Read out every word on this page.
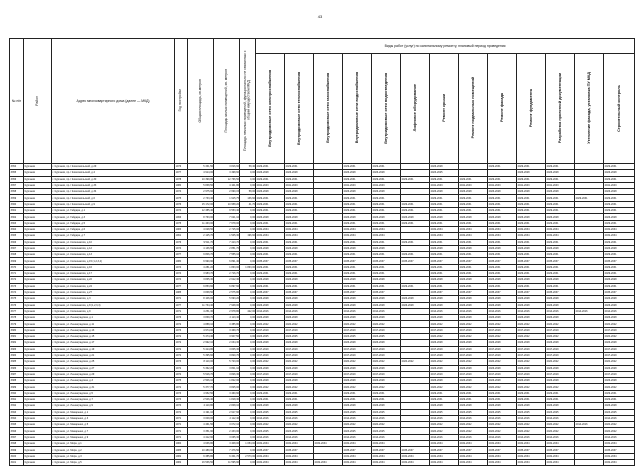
43
№ п/п	Район	Адрес многоквартирного дома (далее — МКД)	Год постройки	Общая площадь, кв.метров	Площадь жилых помещений, кв. метров	Площадь нежилых помещений, функционально не связанных с общим имуществом МКД	Виды работ (услуг) по капитальному ремонту, плановый период проведения												
							Внутридомовые сети электроснабжения	Внутридомовые сети теплоснабжения	Внутридомовые сети газоснабжения	Внутридомовые сети водоснабжения	Внутридомовые сети водоотведения	Лифтовое оборудование	Ремонт крыши	Ремонт подвальных помещений	Ремонт фасада	Ремонт фундамента	Разработка проектной документации	Утепление фасада, установка ПУ МКД	Строительный контроль
3354	Курганов	г. Курганов, пр-т Комсомольский, д.29	1976	5 331,50	3 816,60	58,40	2029-2031	2029-2031		2029-2031	2029-2031		2026-2028		2029-2031	2029-2031	2029-2031		2029-2031
3355	Курганов	г. Курганов, пр-т Комсомольский, д.4	1977	4 914,00	3 498,60	0,00	2026-2028	2026-2028		2026-2028	2026-2028		2023-2025			2026-2028	2026-2028		2026-2028
3356	Курганов	г. Курганов, пр-т Комсомольский, д.30	1978	10 399,80	12 766,50	0,00	2029-2031	2029-2031		2029-2031	2029-2031	2029-2031	2029-2031	2029-2031	2029-2031	2029-2031	2029-2031		2029-2031
3357	Курганов	г. Курганов, пр-т Комсомольский, д.33	1980	5 838,50	4 101,80	0,00	2041-2043	2041-2043		2041-2043	2041-2043		2041-2043	2041-2043	2041-2043	2041-2043	2041-2043		2041-2043
3358	Курганов	г. Курганов, пр-т Комсомольский, д.34	1974	2 975,60	2 690,15	58,00	2026-2028	2026-2028		2026-2028	2026-2028		2026-2028	2026-2028	2026-2028	2026-2028	2026-2028		2026-2028
3359	Курганов	г. Курганов, пр-т Комсомольский, д.6	1975	2 733,40	1 915,75	136,60	2029-2031	2029-2031		2029-2031	2029-2031		2029-2031	2029-2031	2029-2031	2029-2031	2029-2031	2029-2031	2029-2031
3360	Курганов	г. Курганов, пр-т Комсомольский, д.9	1976	15 172,00	10 958,20	41,70	2029-2031	2029-2031		2029-2031	2029-2031	2029-2031	2029-2031	2029-2031	2029-2031	2029-2031	2029-2031		2029-2031
3361	Курганов	г. Курганов, ул. Гайдара, д.1	1974	12 385,40	9 553,40	0,00	2029-2031	2029-2031		2029-2031	2029-2031	2029-2031	2029-2031	2029-2031	2029-2031	2029-2031	2029-2031		2029-2031
3362	Курганов	г. Курганов, ул. Гайдара, д.3	1966	8 763,00	7 021,10	0,00	2026-2028	2026-2028		2026-2028	2026-2028	2026-2028	2026-2028	2026-2028	2026-2028	2026-2028	2026-2028		2026-2028
3363	Курганов	г. Курганов, ул. Гайдара, д.5	1975	11 463,00	7 678,00	0,00	2029-2031	2029-2031		2029-2031	2029-2031	2029-2031	2029-2031	2029-2031	2029-2031	2029-2031	2029-2031		2029-2031
3364	Курганов	г. Курганов, ул. Гайдара, д.6	1983	4 028,50	2 715,00	0,00	2032-2034	2032-2034		2032-2034	2032-2034		2032-2034	2032-2034	2032-2034	2032-2034	2032-2034		2032-2034
3365	Курганов	г. Курганов, ул. Гайдара, д.7	1961	2 125,70	1 545,30	196,60	2032-2034	2032-2034		2032-2034	2032-2034		2032-2034	2032-2034	2032-2034	2032-2034	2032-2034		2032-2034
3366	Курганов	г. Курганов, ул. Космонавтов, д.10	1976	9 511,70	7 413,70	0,00	2029-2031	2029-2031		2029-2031	2029-2031	2029-2031	2029-2031	2029-2031	2029-2031	2029-2031	2029-2031		2029-2031
3367	Курганов	г. Курганов, ул. Космонавтов, д.12	1974	4 136,50	2 851,70	0,00	2026-2028	2026-2028		2026-2028	2026-2028		2026-2028	2026-2028	2026-2028	2026-2028	2026-2028		2026-2028
3368	Курганов	г. Курганов, ул. Космонавтов, д.13	1977	9 806,70	7 555,10	0,00	2029-2031	2029-2031		2029-2031	2029-2031	2029-2031	2029-2031	2029-2031	2029-2031	2029-2031	2029-2031		2029-2031
3369	Курганов	г. Курганов, ул. Космонавтов, д.15 (1,2,3,4)	1980	9 990,90	6 891,40	0,00	2035-2037	2035-2037		2035-2037	2035-2037	2035-2037	2035-2037	2035-2037	2035-2037	2035-2037	2035-2037		2035-2037
3370	Курганов	г. Курганов, ул. Космонавтов, д.16	1974	4 281,20	1 863,00	1 863,00	2029-2031	2029-2031		2029-2031	2029-2031		2029-2031	2029-2031	2029-2031	2029-2031	2029-2031		2029-2031
3371	Курганов	г. Курганов, ул. Космонавтов, д.17	1974	3 983,70	2 716,70	0,00	2029-2031	2029-2031		2029-2031	2029-2031		2029-2031	2029-2031	2029-2031	2029-2031	2029-2031		2029-2031
3372	Курганов	г. Курганов, ул. Космонавтов, д.22	1974	3 835,30	2 612,30	0,00	2026-2028	2026-2028		2026-2028	2026-2028		2026-2028	2026-2028	2026-2028	2026-2028	2026-2028		2026-2028
3373	Курганов	г. Курганов, ул. Космонавтов, д.24	1977	9 853,60	6 897,60	0,00	2029-2031	2029-2031		2029-2031	2029-2031	2029-2031	2029-2031	2029-2031	2029-2031	2029-2031	2029-2031		2029-2031
3374	Курганов	г. Курганов, ул. Космонавтов, д.27	1985	3 838,50	2 575,80	0,00	2035-2037	2035-2037		2035-2037	2035-2037		2035-2037	2035-2037	2035-2037	2035-2037	2035-2037		2035-2037
3375	Курганов	г. Курганов, ул. Космонавтов, д.3	1971	8 106,00	5 693,20	0,00	2026-2028	2026-2028		2026-2028	2026-2028	2026-2028	2026-2028	2026-2028	2026-2028	2026-2028	2026-2028		2026-2028
3376	Курганов	г. Курганов, ул. Космонавтов, д.8 (1,2,3,4)	1977	11 734,40	7 948,00	0,00	2026-2028	2026-2028		2026-2028	2026-2028	2026-2028	2026-2028	2026-2028	2026-2028	2026-2028	2026-2028		2026-2028
3377	Курганов	г. Курганов, ул. Космонавтов, д.9	1971	4 251,30	2 978,80	422,00	2014-2016	2014-2016		2014-2016	2014-2016		2014-2016	2014-2016	2014-2016	2014-2016	2014-2016	2014-2016	2014-2016
3378	Курганов	г. Курганов, ул. Ленинградская, д.1	1976	3 839,70	2 113,40	0,00	2026-2028	2026-2028		2026-2028	2026-2028		2026-2028	2026-2028	2026-2028	2026-2028	2026-2028		2026-2028
3379	Курганов	г. Курганов, ул. Ленинградская, д.11	1972	4 888,10	3 385,80	0,00	2020-2022	2020-2022		2020-2022	2020-2022		2020-2022	2020-2022	2020-2022	2020-2022	2020-2022		2020-2022
3380	Курганов	г. Курганов, ул. Ленинградская, д.13	1973	4 974,00	3 469,70	0,00	2017-2019	2017-2019		2017-2019	2017-2019		2017-2019	2017-2019	2017-2019	2017-2019	2017-2019		2017-2019
3381	Курганов	г. Курганов, ул. Ленинградская, д.15	1972	5 474,40	3 907,50	0,00	2023-2025	2023-2025		2023-2025	2023-2025		2020-2022	2020-2022	2020-2022	2020-2022	2020-2022		2020-2022
3382	Курганов	г. Курганов, ул. Ленинградская, д.17	1972	2 992,10	2 034,30	0,00	2026-2028	2026-2028		2026-2028	2026-2028		2026-2028	2026-2028	2026-2028	2026-2028	2026-2028		2026-2028
3383	Курганов	г. Курганов, ул. Ленинградская, д.19	1972	5 414,80	3 845,30	0,00	2017-2019	2017-2019		2017-2019	2017-2019		2017-2019	2017-2019	2017-2019	2017-2019	2017-2019		2017-2019
3384	Курганов	г. Курганов, ул. Ленинградская, д.21	1972	5 395,60	3 820,70	0,00	2017-2019	2017-2019		2017-2019	2017-2019		2017-2019	2017-2019	2017-2019	2017-2019	2017-2019		2017-2019
3385	Курганов	г. Курганов, ул. Ленинградская, д.25	1973	8 110,00	5 723,00	0,00	2020-2022	2020-2022		2020-2022	2020-2022	2020-2022	2020-2022	2020-2022	2020-2022	2020-2022	2020-2022		2020-2022
3386	Курганов	г. Курганов, ул. Ленинградская, д.27	1972	5 362,20	3 801,10	0,00	2026-2028	2026-2028		2026-2028	2026-2028		2026-2028	2026-2028	2026-2028	2026-2028	2026-2028		2026-2028
3387	Курганов	г. Курганов, ул. Ленинградская, д.29	1972	5 516,70	3 826,30	0,00	2017-2019	2017-2019		2017-2019	2017-2019		2017-2019	2017-2019	2017-2019	2017-2019	2017-2019		2017-2019
3388	Курганов	г. Курганов, ул. Ленинградская, д.3	1975	2 506,10	1 822,00	0,00	2026-2028	2026-2028		2026-2028	2026-2028		2026-2028	2026-2028	2026-2028	2026-2028	2026-2028		2026-2028
3389	Курганов	г. Курганов, ул. Ленинградская, д.31	1972	5 377,70	3 825,00	0,00	2020-2022	2020-2022		2020-2022	2020-2022		2020-2022	2020-2022	2020-2022	2020-2022	2020-2022		2020-2022
3390	Курганов	г. Курганов, ул. Ленинградская, д.5	1973	4 952,50	3 460,60	0,00	2029-2031	2029-2031		2029-2031	2029-2031		2029-2031	2029-2031	2029-2031	2029-2031	2029-2031		2029-2031
3391	Курганов	г. Курганов, ул. Ленинградская, д.7	1973	2 546,40	1 818,30	0,00	2029-2031	2029-2031		2029-2031	2029-2031		2029-2031	2029-2031	2029-2031	2029-2031	2029-2031		2029-2031
3392	Курганов	г. Курганов, ул. Ленинградская, д.9	1974	4 110,80	2 848,10	0,00	2026-2028	2026-2028		2026-2028	2026-2028		2026-2028	2026-2028	2026-2028	2026-2028	2026-2028		2026-2028
3393	Курганов	г. Курганов, ул. Макаренко, д.1	1972	4 191,10	2 917,60	0,00	2023-2025	2023-2025		2023-2025	2023-2025		2023-2025	2023-2025	2023-2025	2023-2025	2023-2025		2023-2025
3394	Курганов	г. Курганов, ул. Макаренко, д.3	1971	3 009,00	2 112,40	0,00	2014-2016	2014-2016		2014-2016	2014-2016		2014-2016	2014-2016	2014-2016	2014-2016	2014-2016		2014-2016
3395	Курганов	г. Курганов, ул. Макаренко, д.5	1971	4 461,50	3 072,10	0,00	2020-2022	2020-2022		2020-2022	2020-2022		2020-2022	2020-2022	2020-2022	2020-2022	2020-2022	2014-2016	2020-2022
3396	Курганов	г. Курганов, ул. Макаренко, д.7	1971	3 351,90	2 433,00	0,00	2023-2025	2023-2025		2023-2025	2023-2025		2020-2022	2020-2022	2020-2022	2020-2022	2020-2022		2020-2022
3397	Курганов	г. Курганов, ул. Макаренко, д.9	1971	4 412,90	3 065,30	0,00	2014-2016	2014-2016		2014-2016	2014-2016		2014-2016	2014-2016	2014-2016	2014-2016	2014-2016		2014-2016
3398	Курганов	г. Курганов, ул. Мира, д.1	1984	4 636,80	3 408,00	1 054,00	2032-2034	2032-2034	2032-2034	2032-2034	2032-2034		2032-2034	2032-2034	2032-2034	2032-2034	2032-2034		2032-2034
3399	Курганов	г. Курганов, ул. Мира, д.2	1985	10 489,00	7 476,50	0,00	2035-2037	2035-2037		2035-2037	2035-2037	2035-2037	2035-2037	2035-2037	2035-2037	2035-2037	2035-2037		2035-2037
3400	Курганов	г. Курганов, ул. Мира, д.3	1982	9 385,80	6 341,70	2 573,00	2032-2034	2032-2034		2032-2034	2032-2034	2032-2034	2032-2034	2032-2034	2032-2034	2032-2034	2032-2034		2032-2034
3401	Курганов	г. Курганов, ул. Мира, д.5	1982	16 536,50	11 595,90	0,00	2032-2034	2032-2034	2032-2034	2032-2034	2032-2034	2032-2034	2032-2034	2032-2034	2032-2034	2032-2034	2032-2034		2032-2034
